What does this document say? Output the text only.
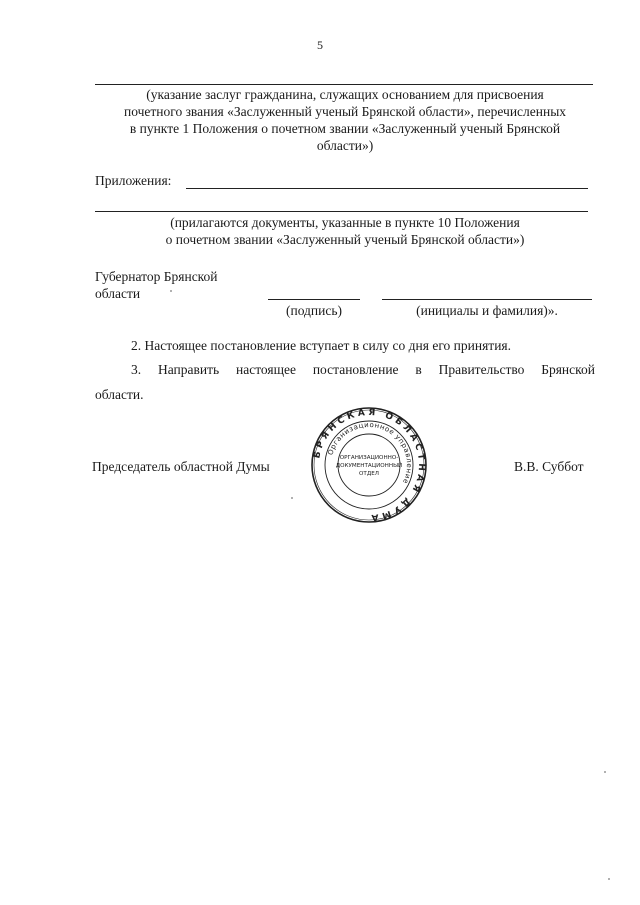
5
(указание заслуг гражданина, служащих основанием для присвоения
почетного звания «Заслуженный ученый Брянской области», перечисленных
в пункте 1 Положения о почетном звании «Заслуженный ученый Брянской
области»)
Приложения:
(прилагаются документы, указанные в пункте 10 Положения
о почетном звании «Заслуженный ученый Брянской области»)
Губернатор Брянской
области
(подпись)	(инициалы и фамилия)».
2. Настоящее постановление вступает в силу со дня его принятия.
3. Направить настоящее постановление в Правительство Брянской
области.
Председатель областной Думы	В.В. Суббот
БРЯНСКАЯ ОБЛАСТНАЯ ДУМА
Организационное управление
ОРГАНИЗАЦИОННО-
ДОКУМЕНТАЦИОННЫЙ
ОТДЕЛ
